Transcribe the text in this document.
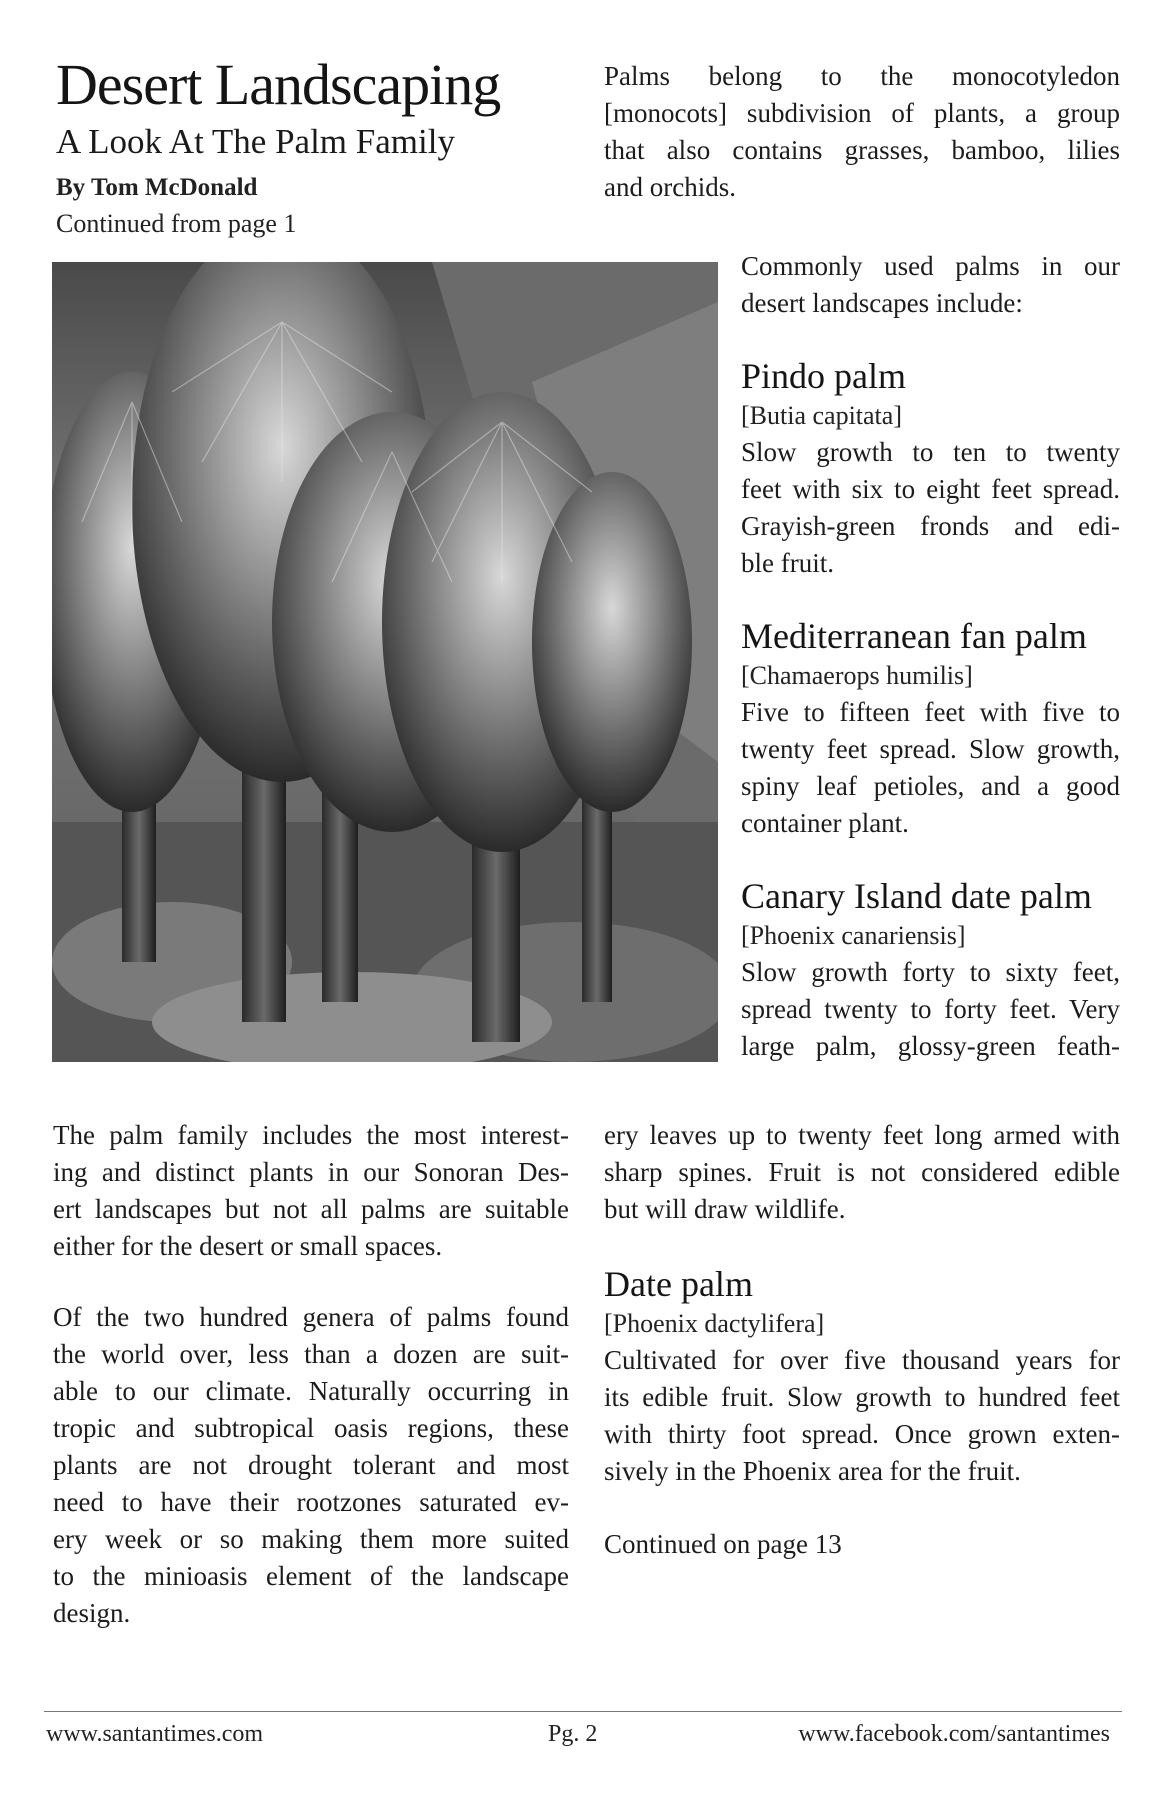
Desert Landscaping
A Look At The Palm Family
By Tom McDonald
Continued from page 1
Palms belong to the monocotyledon
[monocots] subdivision of plants, a group
that also contains grasses, bamboo, lilies
and orchids.
Commonly used palms in our
desert landscapes include:
Pindo palm
[Butia capitata]
Slow growth to ten to twenty
feet with six to eight feet spread.
Grayish-green fronds and edi-
ble fruit.
Mediterranean fan palm
[Chamaerops humilis]
Five to fifteen feet with five to
twenty feet spread. Slow growth,
spiny leaf petioles, and a good
container plant.
Canary Island date palm
[Phoenix canariensis]
Slow growth forty to sixty feet,
spread twenty to forty feet. Very
large palm, glossy-green feath-
ery leaves up to twenty feet long armed with
sharp spines. Fruit is not considered edible
but will draw wildlife.
Date palm
[Phoenix dactylifera]
Cultivated for over five thousand years for
its edible fruit. Slow growth to hundred feet
with thirty foot spread. Once grown exten-
sively in the Phoenix area for the fruit.
Continued on page 13
The palm family includes the most interest-
ing and distinct plants in our Sonoran Des-
ert landscapes but not all palms are suitable
either for the desert or small spaces.
Of the two hundred genera of palms found
the world over, less than a dozen are suit-
able to our climate. Naturally occurring in
tropic and subtropical oasis regions, these
plants are not drought tolerant and most
need to have their rootzones saturated ev-
ery week or so making them more suited
to the minioasis element of the landscape
design.
www.santantimes.com	Pg. 2	www.facebook.com/santantimes
